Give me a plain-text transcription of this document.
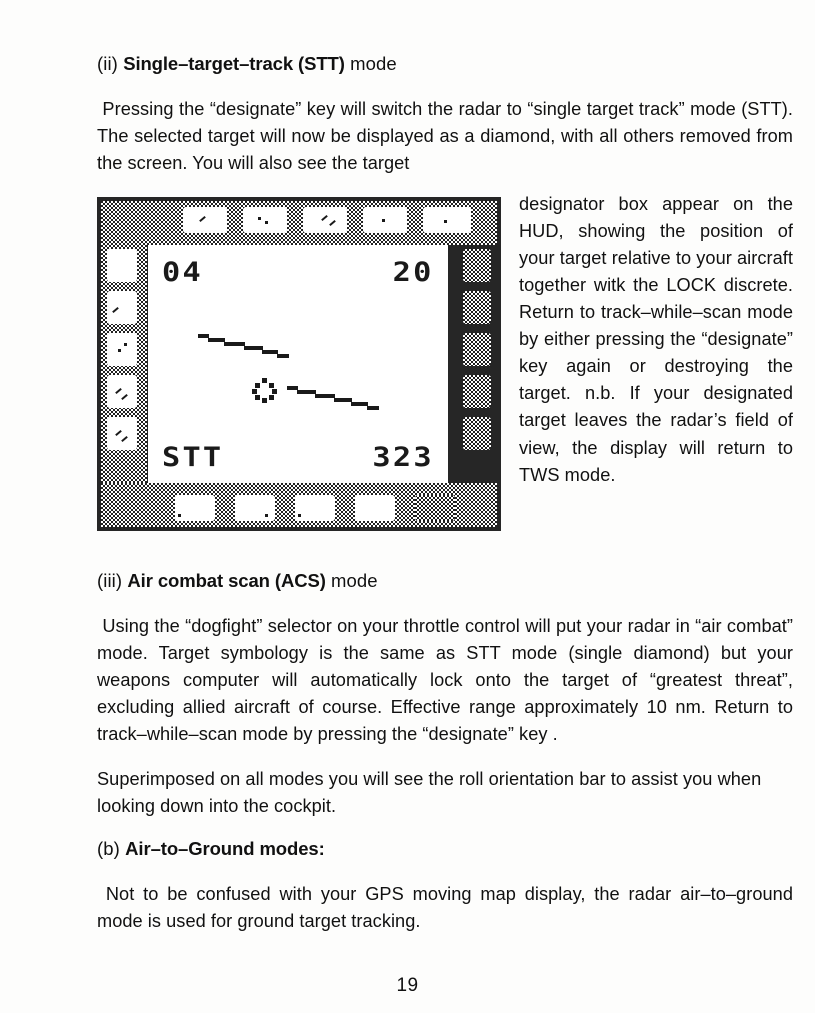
(ii) Single–target–track (STT) mode

Pressing the “designate” key will switch the radar to “single target track” mode (STT). The selected target will now be displayed as a diamond, with all others removed from the screen. You will also see the target

04	20
STT	323
designator box appear on the HUD, showing the position of your target relative to your aircraft together witk the LOCK discrete. Return to track–while–scan mode by either pressing the “designate” key again or destroying the target. n.b. If your designated target leaves the radar’s field of view, the display will return to TWS mode.
(iii) Air combat scan (ACS) mode

Using the “dogfight” selector on your throttle control will put your radar in “air combat” mode. Target symbology is the same as STT mode (single diamond) but your weapons computer will automatically lock onto the target of “greatest threat”, excluding allied aircraft of course. Effective range approximately 10 nm. Return to track–while–scan mode by pressing the “designate” key .

Superimposed on all modes you will see the roll orientation bar to assist you when looking down into the cockpit.

(b) Air–to–Ground modes:

Not to be confused with your GPS moving map display, the radar air–to–ground mode is used for ground target tracking.

19
